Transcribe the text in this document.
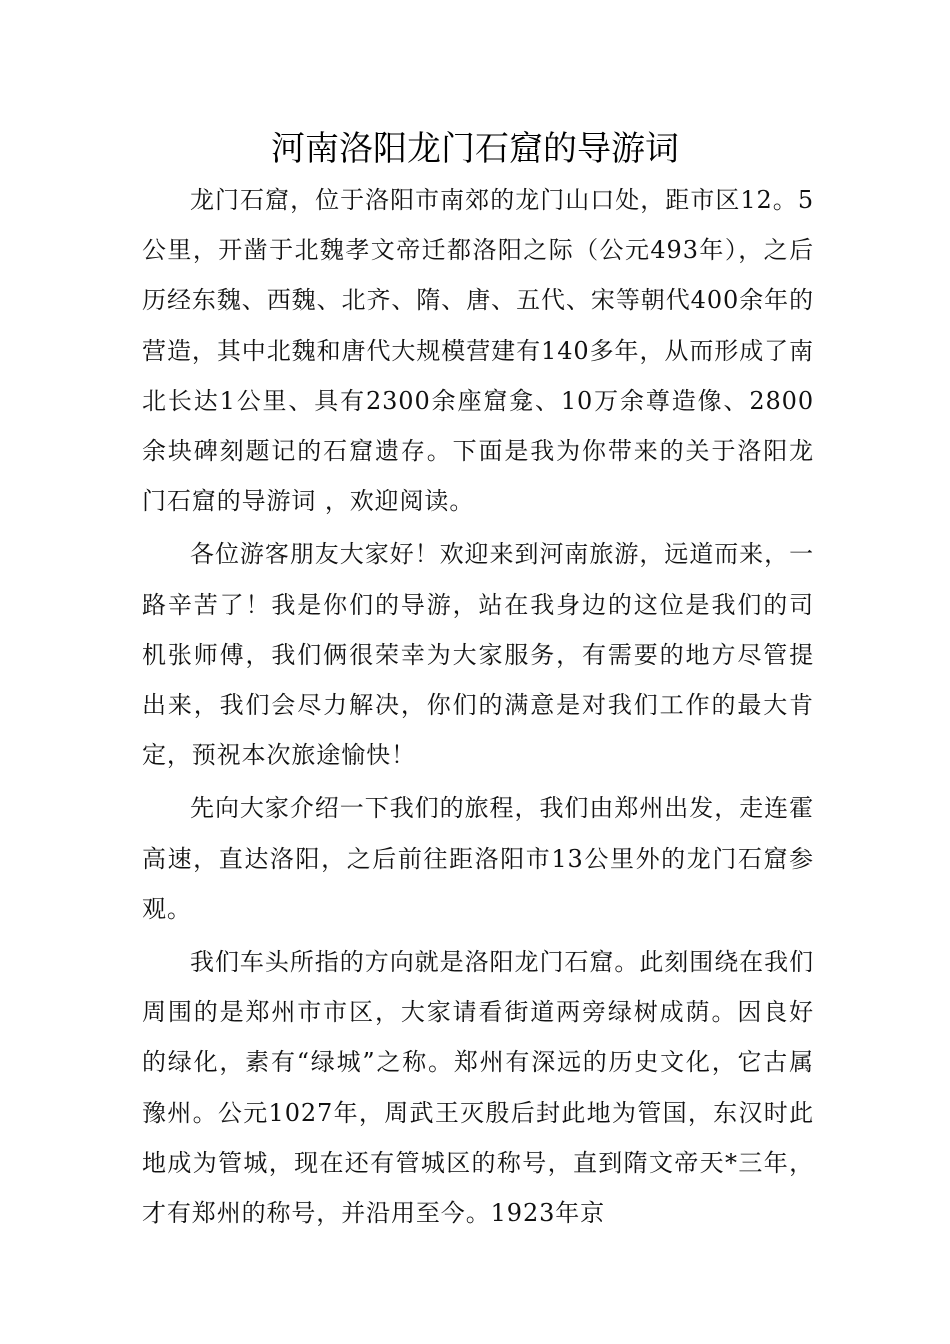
河南洛阳龙门石窟的导游词

龙门石窟，位于洛阳市南郊的龙门山口处，距市区12。5公里，开凿于北魏孝文帝迁都洛阳之际（公元493年），之后历经东魏、西魏、北齐、隋、唐、五代、宋等朝代400余年的营造，其中北魏和唐代大规模营建有140多年，从而形成了南北长达1公里、具有2300余座窟龛、10万余尊造像、2800余块碑刻题记的石窟遗存。下面是我为你带来的关于洛阳龙门石窟的导游词 ，欢迎阅读。

各位游客朋友大家好！欢迎来到河南旅游，远道而来，一路辛苦了！我是你们的导游，站在我身边的这位是我们的司机张师傅，我们俩很荣幸为大家服务，有需要的地方尽管提出来，我们会尽力解决，你们的满意是对我们工作的最大肯定，预祝本次旅途愉快！

先向大家介绍一下我们的旅程，我们由郑州出发，走连霍高速，直达洛阳，之后前往距洛阳市13公里外的龙门石窟参观。

我们车头所指的方向就是洛阳龙门石窟。此刻围绕在我们周围的是郑州市市区，大家请看街道两旁绿树成荫。因良好的绿化，素有“绿城”之称。郑州有深远的历史文化，它古属豫州。公元1027年，周武王灭殷后封此地为管国，东汉时此地成为管城，现在还有管城区的称号，直到隋文帝天*三年，才有郑州的称号，并沿用至今。1923年京
